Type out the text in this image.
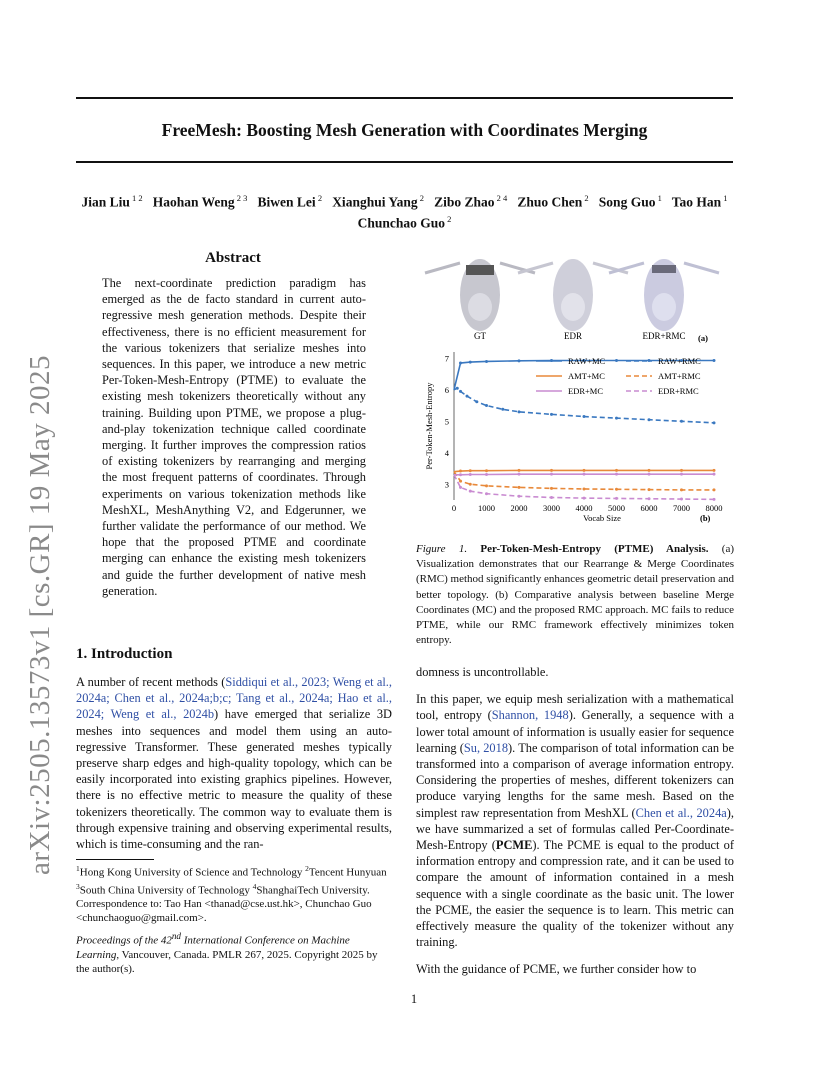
arXiv:2505.13573v1 [cs.GR] 19 May 2025
FreeMesh: Boosting Mesh Generation with Coordinates Merging
Jian Liu $^{1 2}$ Haohan Weng $^{2 3}$ Biwen Lei $^2$ Xianghui Yang $^2$ Zibo Zhao $^{2 4}$ Zhuo Chen $^2$ Song Guo $^1$ Tao Han $^1$
Chunchao Guo $^2$
Abstract
The next-coordinate prediction paradigm has emerged as the de facto standard in current auto-regressive mesh generation methods. Despite their effectiveness, there is no efficient measurement for the various tokenizers that serialize meshes into sequences. In this paper, we introduce a new metric Per-Token-Mesh-Entropy (PTME) to evaluate the existing mesh tokenizers theoretically without any training. Building upon PTME, we propose a plug-and-play tokenization technique called coordinate merging. It further improves the compression ratios of existing tokenizers by rearranging and merging the most frequent patterns of coordinates. Through experiments on various tokenization methods like MeshXL, MeshAnything V2, and Edgerunner, we further validate the performance of our method. We hope that the proposed PTME and coordinate merging can enhance the existing mesh tokenizers and guide the further development of native mesh generation.
GT	EDR	EDR+RMC (a)
3
4
5
6
7
0	1000 2000 3000 4000 5000 6000 7000 8000
Vocab Size
Per-Token-Mesh-Entropy
RAW+MC	RAW+RMC
AMT+MC	AMT+RMC
EDR+MC	EDR+RMC
(b)
Figure 1. Per-Token-Mesh-Entropy (PTME) Analysis. (a) Visualization demonstrates that our Rearrange & Merge Coordinates (RMC) method significantly enhances geometric detail preservation and better topology. (b) Comparative analysis between baseline Merge Coordinates (MC) and the proposed RMC approach. MC fails to reduce PTME, while our RMC framework effectively minimizes token entropy.
1. Introduction

A number of recent methods (Siddiqui et al., 2023; Weng et al., 2024a; Chen et al., 2024a;b;c; Tang et al., 2024a; Hao et al., 2024; Weng et al., 2024b) have emerged that serialize 3D meshes into sequences and model them using an auto-regressive Transformer. These generated meshes typically preserve sharp edges and high-quality topology, which can be easily incorporated into existing graphics pipelines. However, there is no effective metric to measure the quality of these tokenizers theoretically. The common way to evaluate them is through expensive training and observing experimental results, which is time-consuming and the ran-

$^1$Hong Kong University of Science and Technology $^2$Tencent Hunyuan $^3$South China University of Technology $^4$ShanghaiTech University. Correspondence to: Tao Han <thanad@cse.ust.hk>, Chunchao Guo <chunchaoguo@gmail.com>.
Proceedings of the 42nd International Conference on Machine Learning, Vancouver, Canada. PMLR 267, 2025. Copyright 2025 by the author(s).

domness is uncontrollable.

In this paper, we equip mesh serialization with a mathematical tool, entropy (Shannon, 1948). Generally, a sequence with a lower total amount of information is usually easier for sequence learning (Su, 2018). The comparison of total information can be transformed into a comparison of average information entropy. Considering the properties of meshes, different tokenizers can produce varying lengths for the same mesh. Based on the simplest raw representation from MeshXL (Chen et al., 2024a), we have summarized a set of formulas called Per-Coordinate-Mesh-Entropy (PCME). The PCME is equal to the product of information entropy and compression rate, and it can be used to compare the amount of information contained in a mesh sequence with a single coordinate as the basic unit. The lower the PCME, the easier the sequence is to learn. This metric can effectively measure the quality of the tokenizer without any training.

With the guidance of PCME, we further consider how to

1
